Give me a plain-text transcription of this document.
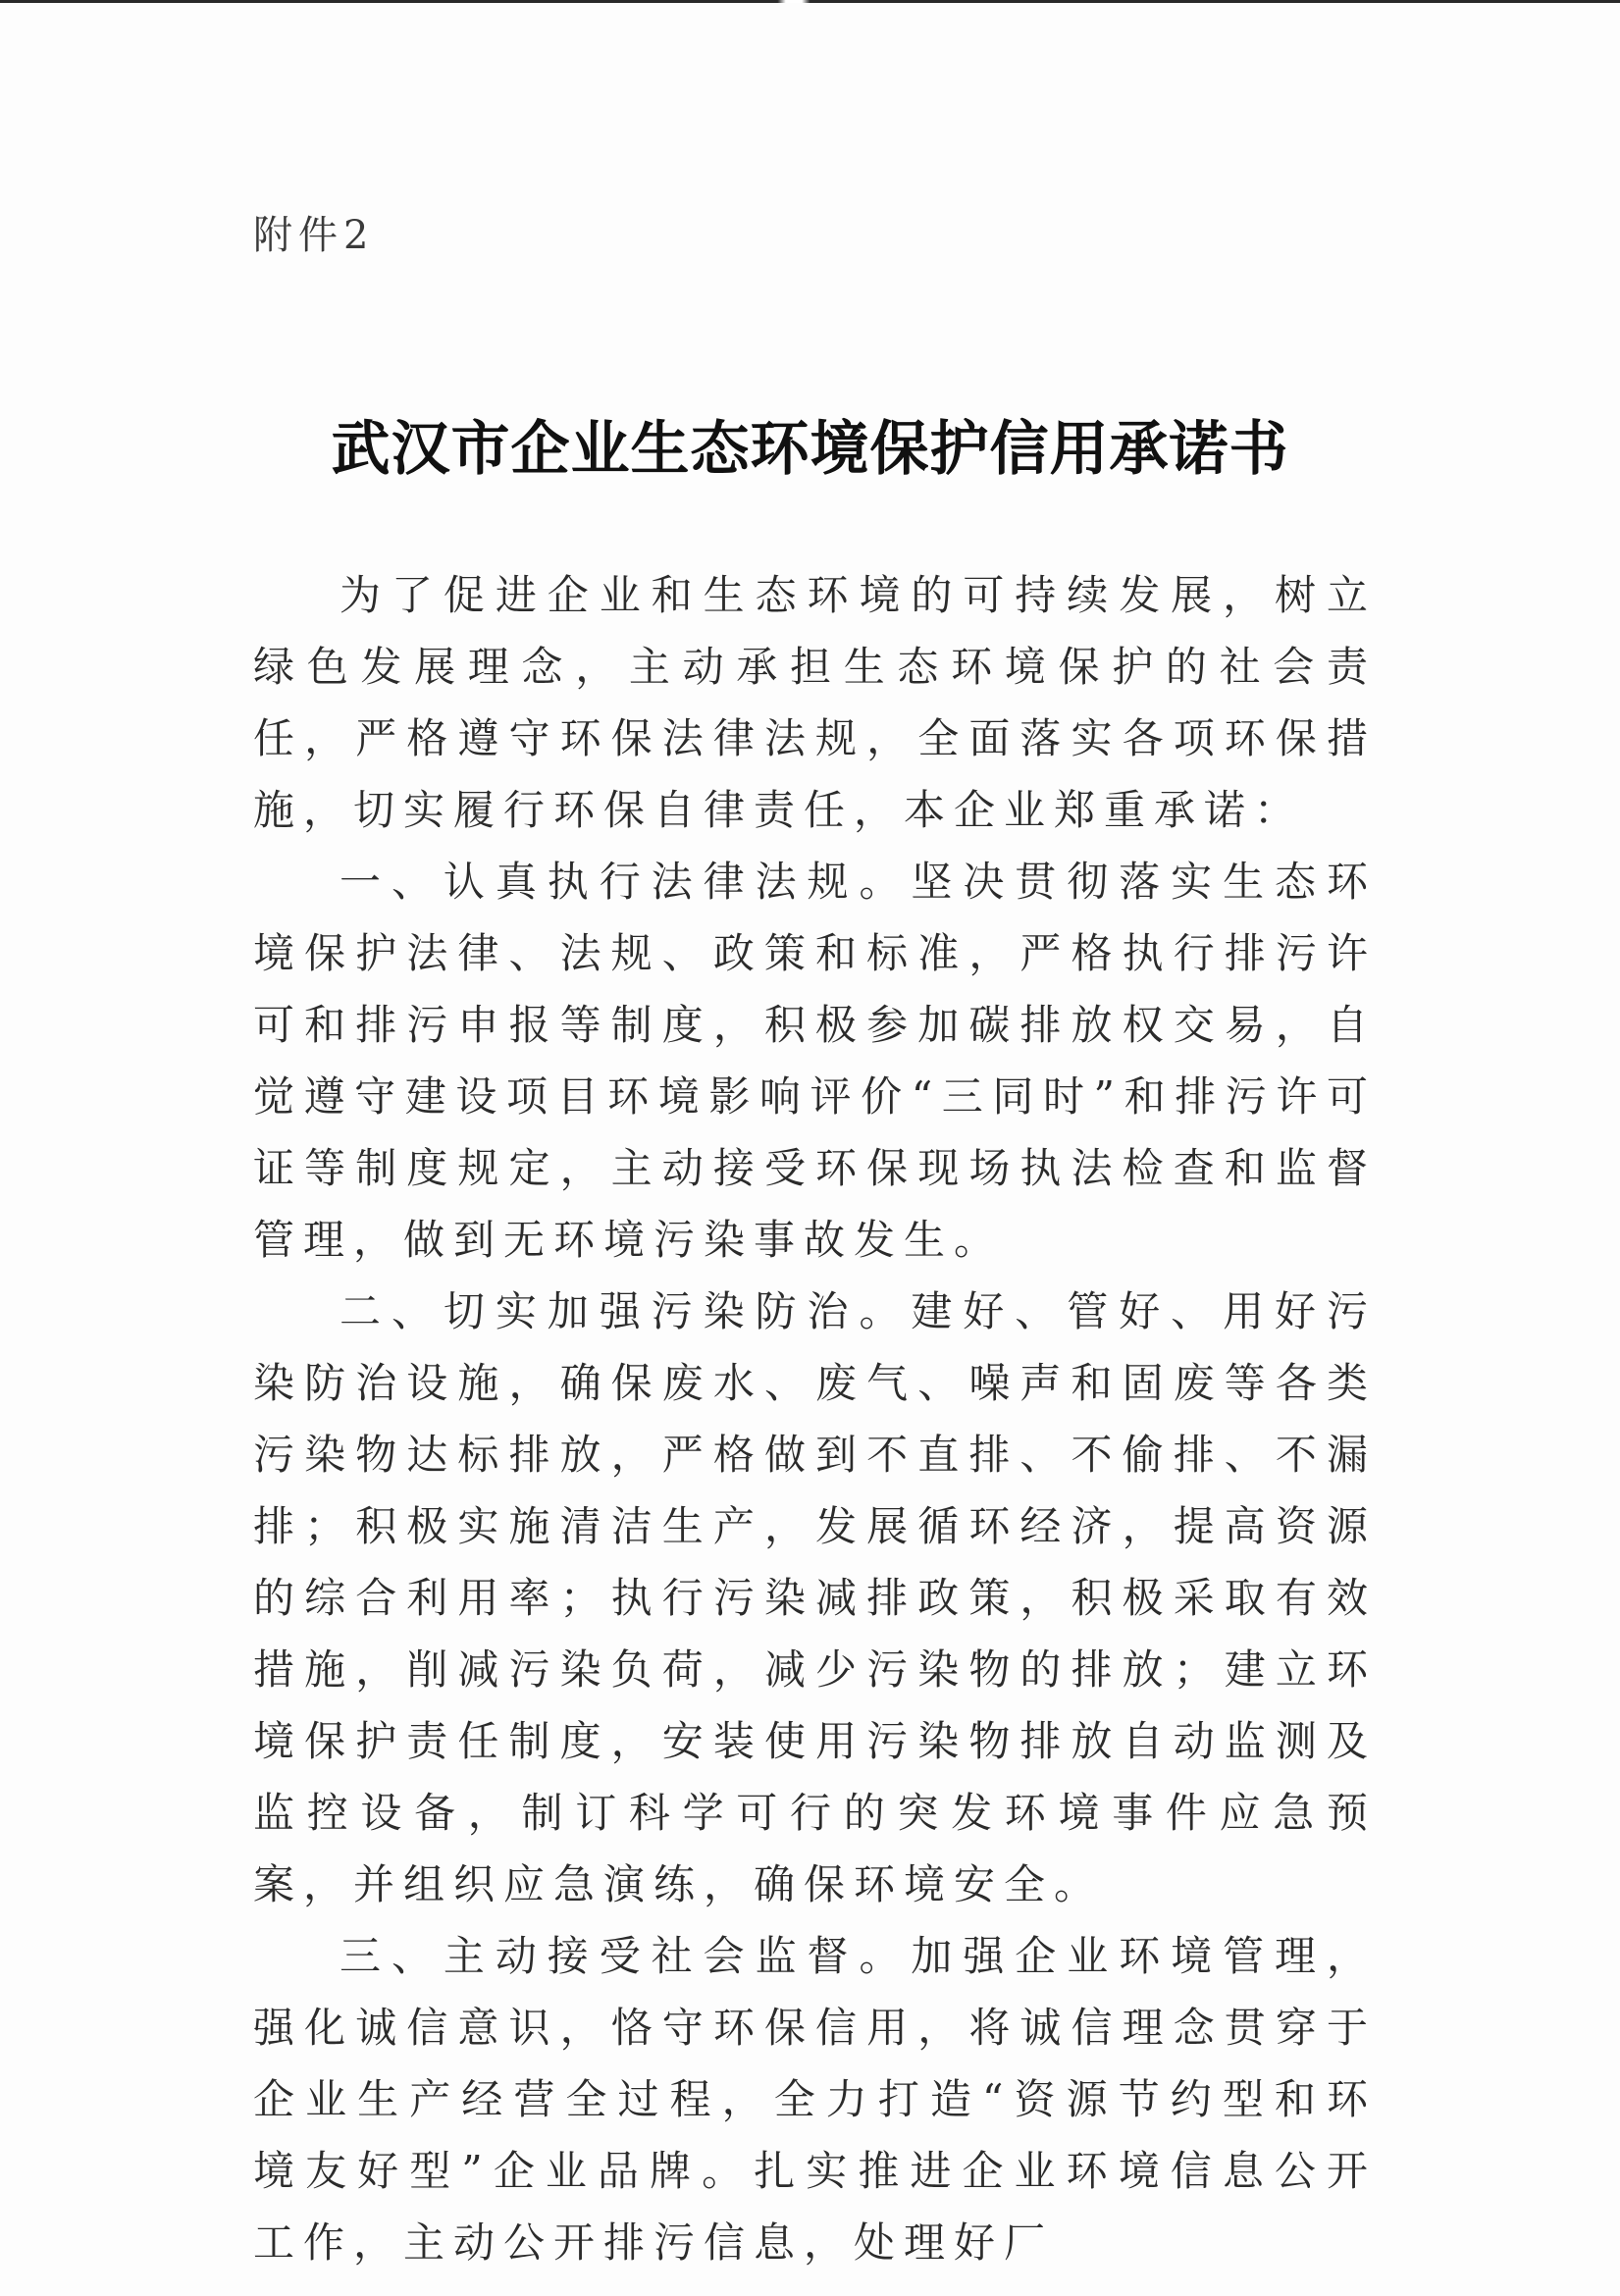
附件2

武汉市企业生态环境保护信用承诺书

为了促进企业和生态环境的可持续发展，树立绿色发展理念，主动承担生态环境保护的社会责任，严格遵守环保法律法规，全面落实各项环保措施，切实履行环保自律责任，本企业郑重承诺：

一、认真执行法律法规。坚决贯彻落实生态环境保护法律、法规、政策和标准，严格执行排污许可和排污申报等制度，积极参加碳排放权交易，自觉遵守建设项目环境影响评价“三同时”和排污许可证等制度规定，主动接受环保现场执法检查和监督管理，做到无环境污染事故发生。

二、切实加强污染防治。建好、管好、用好污染防治设施，确保废水、废气、噪声和固废等各类污染物达标排放，严格做到不直排、不偷排、不漏排；积极实施清洁生产，发展循环经济，提高资源的综合利用率；执行污染减排政策，积极采取有效措施，削减污染负荷，减少污染物的排放；建立环境保护责任制度，安装使用污染物排放自动监测及监控设备，制订科学可行的突发环境事件应急预案，并组织应急演练，确保环境安全。

三、主动接受社会监督。加强企业环境管理，强化诚信意识，恪守环保信用，将诚信理念贯穿于企业生产经营全过程，全力打造“资源节约型和环境友好型”企业品牌。扎实推进企业环境信息公开工作，主动公开排污信息，处理好厂
